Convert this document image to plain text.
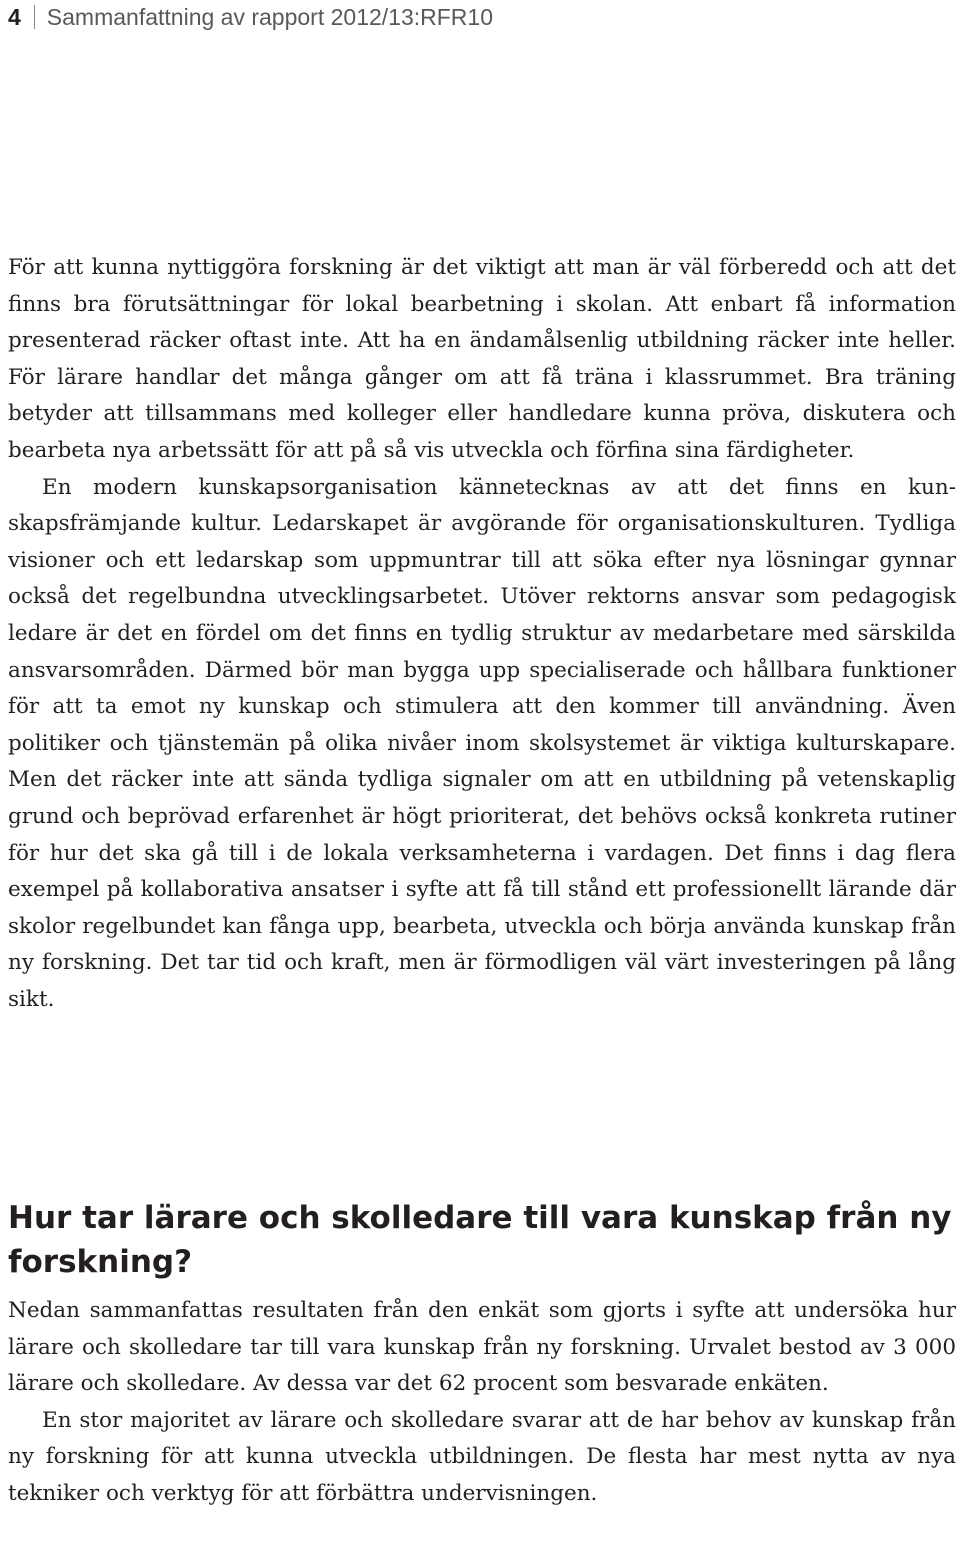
4 Sammanfattning av rapport 2012/13:RFR10

För att kunna nyttiggöra forskning är det viktigt att man är väl förberedd och att det finns bra förutsättningar för lokal bearbetning i skolan. Att enbart få information presenterad räcker oftast inte. Att ha en ändamålsenlig utbildning räcker inte heller. För lärare handlar det många gånger om att få träna i klassrummet. Bra träning betyder att tillsammans med kolleger eller handledare kunna pröva, diskutera och bearbeta nya arbetssätt för att på så vis utveckla och förfina sina färdigheter.

En modern kunskapsorganisation kännetecknas av att det finns en kunskapsfrämjande kultur. Ledarskapet är avgörande för organisationskulturen. Tydliga visioner och ett ledarskap som uppmuntrar till att söka efter nya lösningar gynnar också det regelbundna utvecklingsarbetet. Utöver rektorns ansvar som pedagogisk ledare är det en fördel om det finns en tydlig struktur av medarbetare med särskilda ansvarsområden. Därmed bör man bygga upp specialiserade och hållbara funktioner för att ta emot ny kunskap och stimulera att den kommer till användning. Även politiker och tjänstemän på olika nivåer inom skolsystemet är viktiga kulturskapare. Men det räcker inte att sända tydliga signaler om att en utbildning på vetenskaplig grund och beprövad erfarenhet är högt prioriterat, det behövs också konkreta rutiner för hur det ska gå till i de lokala verksamheterna i vardagen. Det finns i dag flera exempel på kollaborativa ansatser i syfte att få till stånd ett professionellt lärande där skolor regelbundet kan fånga upp, bearbeta, utveckla och börja använda kunskap från ny forskning. Det tar tid och kraft, men är förmodligen väl värt investeringen på lång sikt.

Hur tar lärare och skolledare till vara kunskap från ny forskning?

Nedan sammanfattas resultaten från den enkät som gjorts i syfte att undersöka hur lärare och skolledare tar till vara kunskap från ny forskning. Urvalet bestod av 3 000 lärare och skolledare. Av dessa var det 62 procent som besvarade enkäten.

En stor majoritet av lärare och skolledare svarar att de har behov av kunskap från ny forskning för att kunna utveckla utbildningen. De flesta har mest nytta av nya tekniker och verktyg för att förbättra undervisningen.
